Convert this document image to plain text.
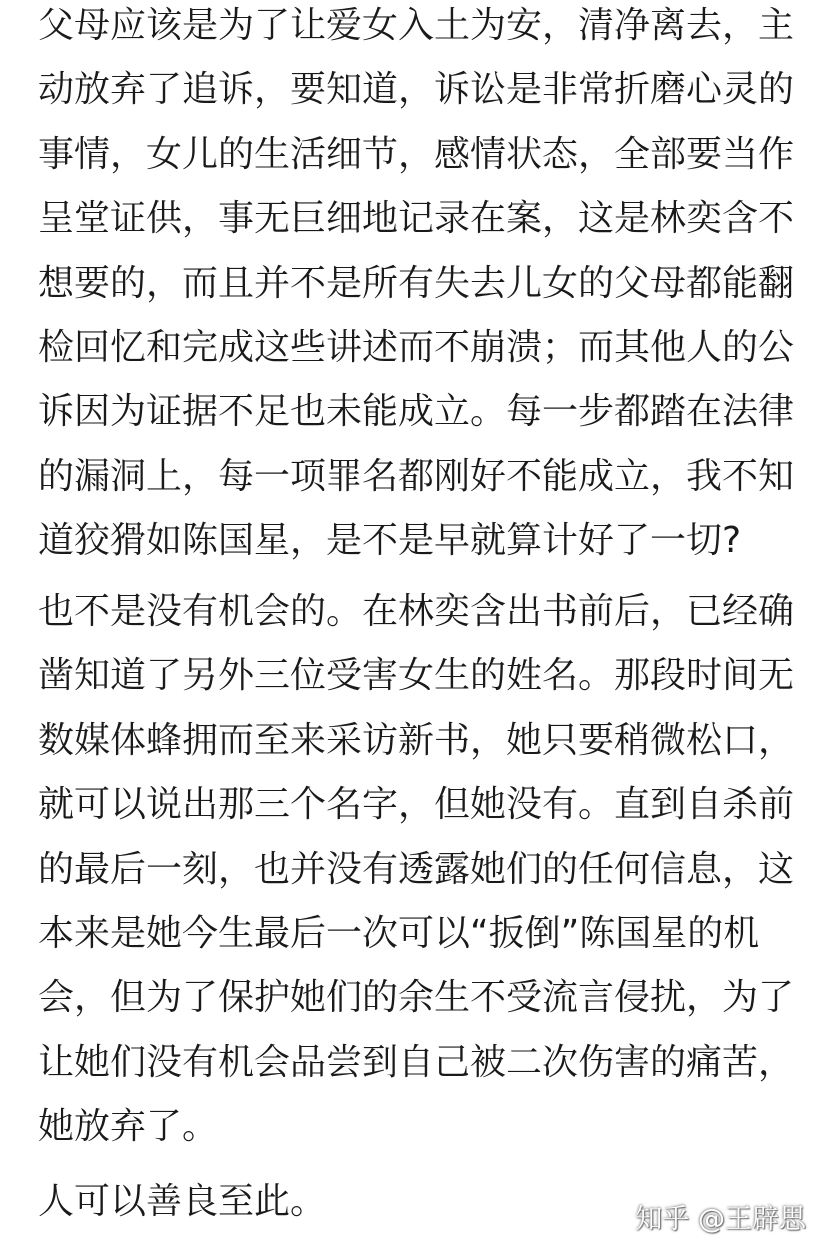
父母应该是为了让爱女入土为安，清净离去，主
动放弃了追诉，要知道，诉讼是非常折磨心灵的
事情，女儿的生活细节，感情状态，全部要当作
呈堂证供，事无巨细地记录在案，这是林奕含不
想要的，而且并不是所有失去儿女的父母都能翻
检回忆和完成这些讲述而不崩溃；而其他人的公
诉因为证据不足也未能成立。每一步都踏在法律
的漏洞上，每一项罪名都刚好不能成立，我不知
道狡猾如陈国星，是不是早就算计好了一切?
也不是没有机会的。在林奕含出书前后，已经确
凿知道了另外三位受害女生的姓名。那段时间无
数媒体蜂拥而至来采访新书，她只要稍微松口，
就可以说出那三个名字，但她没有。直到自杀前
的最后一刻，也并没有透露她们的任何信息，这
本来是她今生最后一次可以“扳倒”陈国星的机
会，但为了保护她们的余生不受流言侵扰，为了
让她们没有机会品尝到自己被二次伤害的痛苦，
她放弃了。
人可以善良至此。	知乎 @王辟思
